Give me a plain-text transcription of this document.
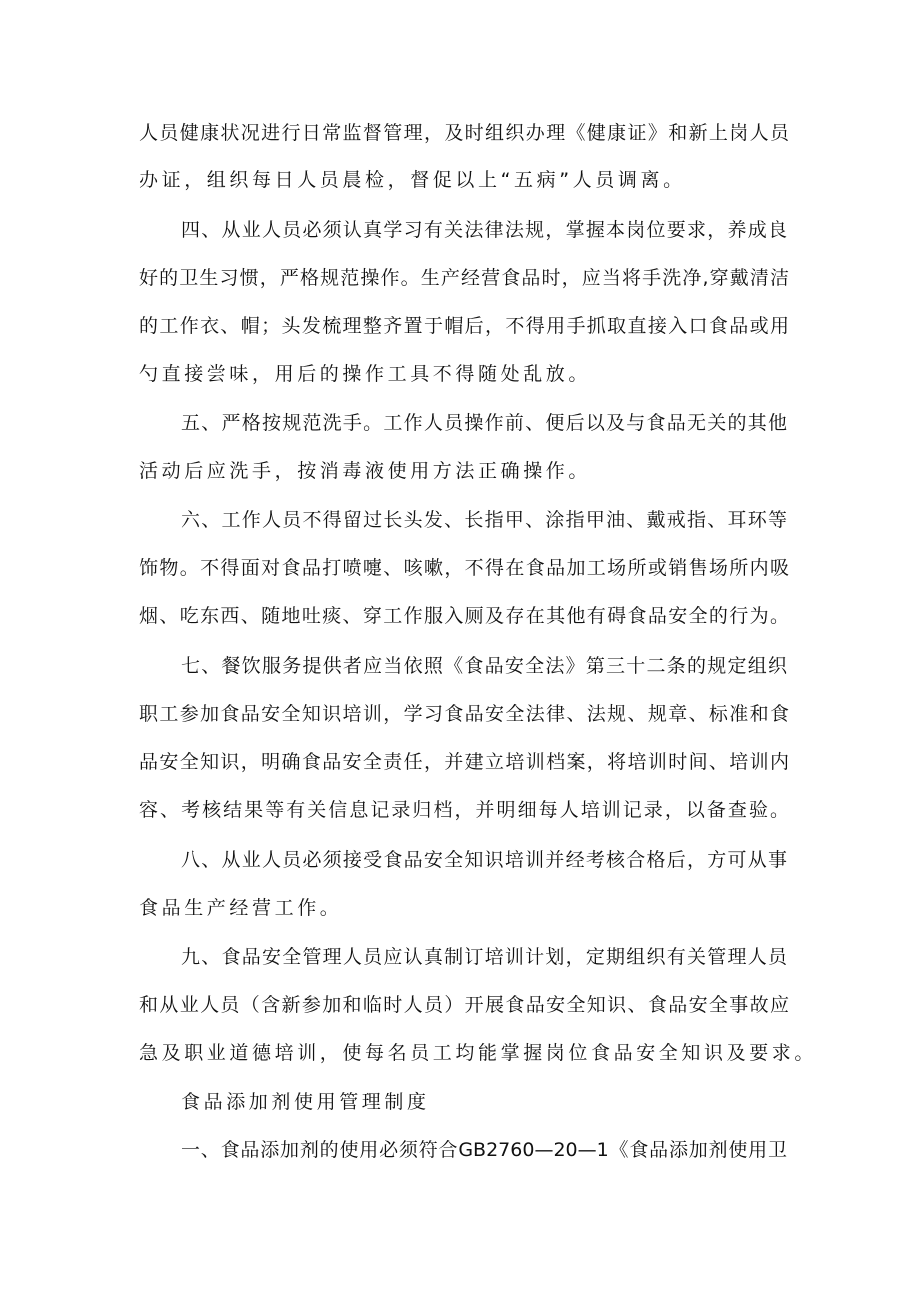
人员健康状况进行日常监督管理，及时组织办理《健康证》和新上岗人员
办证，组织每日人员晨检，督促以上“五病”人员调离。
四、从业人员必须认真学习有关法律法规，掌握本岗位要求，养成良
好的卫生习惯，严格规范操作。生产经营食品时，应当将手洗净,穿戴清洁
的工作衣、帽；头发梳理整齐置于帽后，不得用手抓取直接入口食品或用
勺直接尝味，用后的操作工具不得随处乱放。
五、严格按规范洗手。工作人员操作前、便后以及与食品无关的其他
活动后应洗手，按消毒液使用方法正确操作。
六、工作人员不得留过长头发、长指甲、涂指甲油、戴戒指、耳环等
饰物。不得面对食品打喷嚏、咳嗽，不得在食品加工场所或销售场所内吸
烟、吃东西、随地吐痰、穿工作服入厕及存在其他有碍食品安全的行为。
七、餐饮服务提供者应当依照《食品安全法》第三十二条的规定组织
职工参加食品安全知识培训，学习食品安全法律、法规、规章、标准和食
品安全知识，明确食品安全责任，并建立培训档案，将培训时间、培训内
容、考核结果等有关信息记录归档，并明细每人培训记录，以备查验。
八、从业人员必须接受食品安全知识培训并经考核合格后，方可从事
食品生产经营工作。
九、食品安全管理人员应认真制订培训计划，定期组织有关管理人员
和从业人员（含新参加和临时人员）开展食品安全知识、食品安全事故应
急及职业道德培训，使每名员工均能掌握岗位食品安全知识及要求。
食品添加剂使用管理制度
一、食品添加剂的使用必须符合GB2760—20—1《食品添加剂使用卫
